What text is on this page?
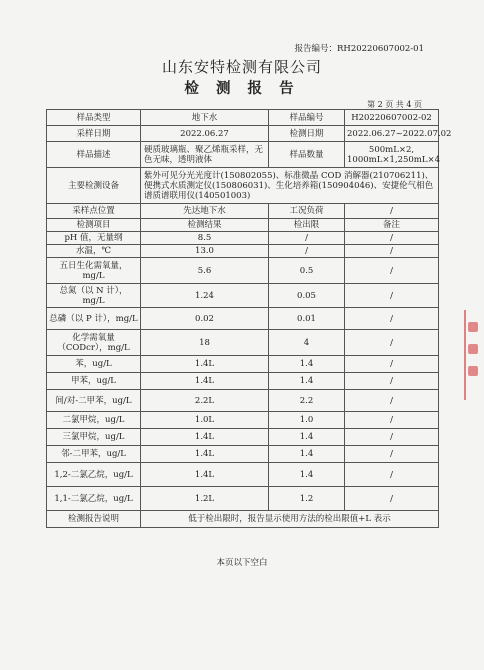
报告编号：RH20220607002-01
山东安特检测有限公司
检 测 报 告
第 2 页 共 4 页
样品类型	地下水	样品编号	H20220607002-02
采样日期	2022.06.27	检测日期	2022.06.27~2022.07.02
样品描述	硬质玻璃瓶、聚乙烯瓶采样，无色无味，透明液体	样品数量	500mL×2,
1000mL×1,250mL×4

主要检测设备	紫外可见分光光度计(150802055)、标准微晶 COD 消解器(210706211)、便携式水质测定仪(150806031)、生化培养箱(150904046)、安捷伦气相色谱质谱联用仪(140501003)		
采样点位置	先达地下水	工况负荷	/
检测项目	检测结果	检出限	备注
pH 值，无量纲	8.5	/	/
水温，℃	13.0	/	/
五日生化需氧量，mg/L	5.6	0.5	/
总氮（以 N 计），mg/L	1.24	0.05	/
总磷（以 P 计），mg/L	0.02	0.01	/
化学需氧量（CODcr），mg/L	18	4	/
苯，ug/L	1.4L	1.4	/
甲苯，ug/L	1.4L	1.4	/
间/对-二甲苯，ug/L	2.2L	2.2	/
二氯甲烷，ug/L	1.0L	1.0	/
三氯甲烷，ug/L	1.4L	1.4	/
邻-二甲苯，ug/L	1.4L	1.4	/
1,2-二氯乙烷，ug/L	1.4L	1.4	/
1,1-二氯乙烷，ug/L	1.2L	1.2	/
检测报告说明	低于检出限时，报告显示使用方法的检出限值+L 表示		
本页以下空白
